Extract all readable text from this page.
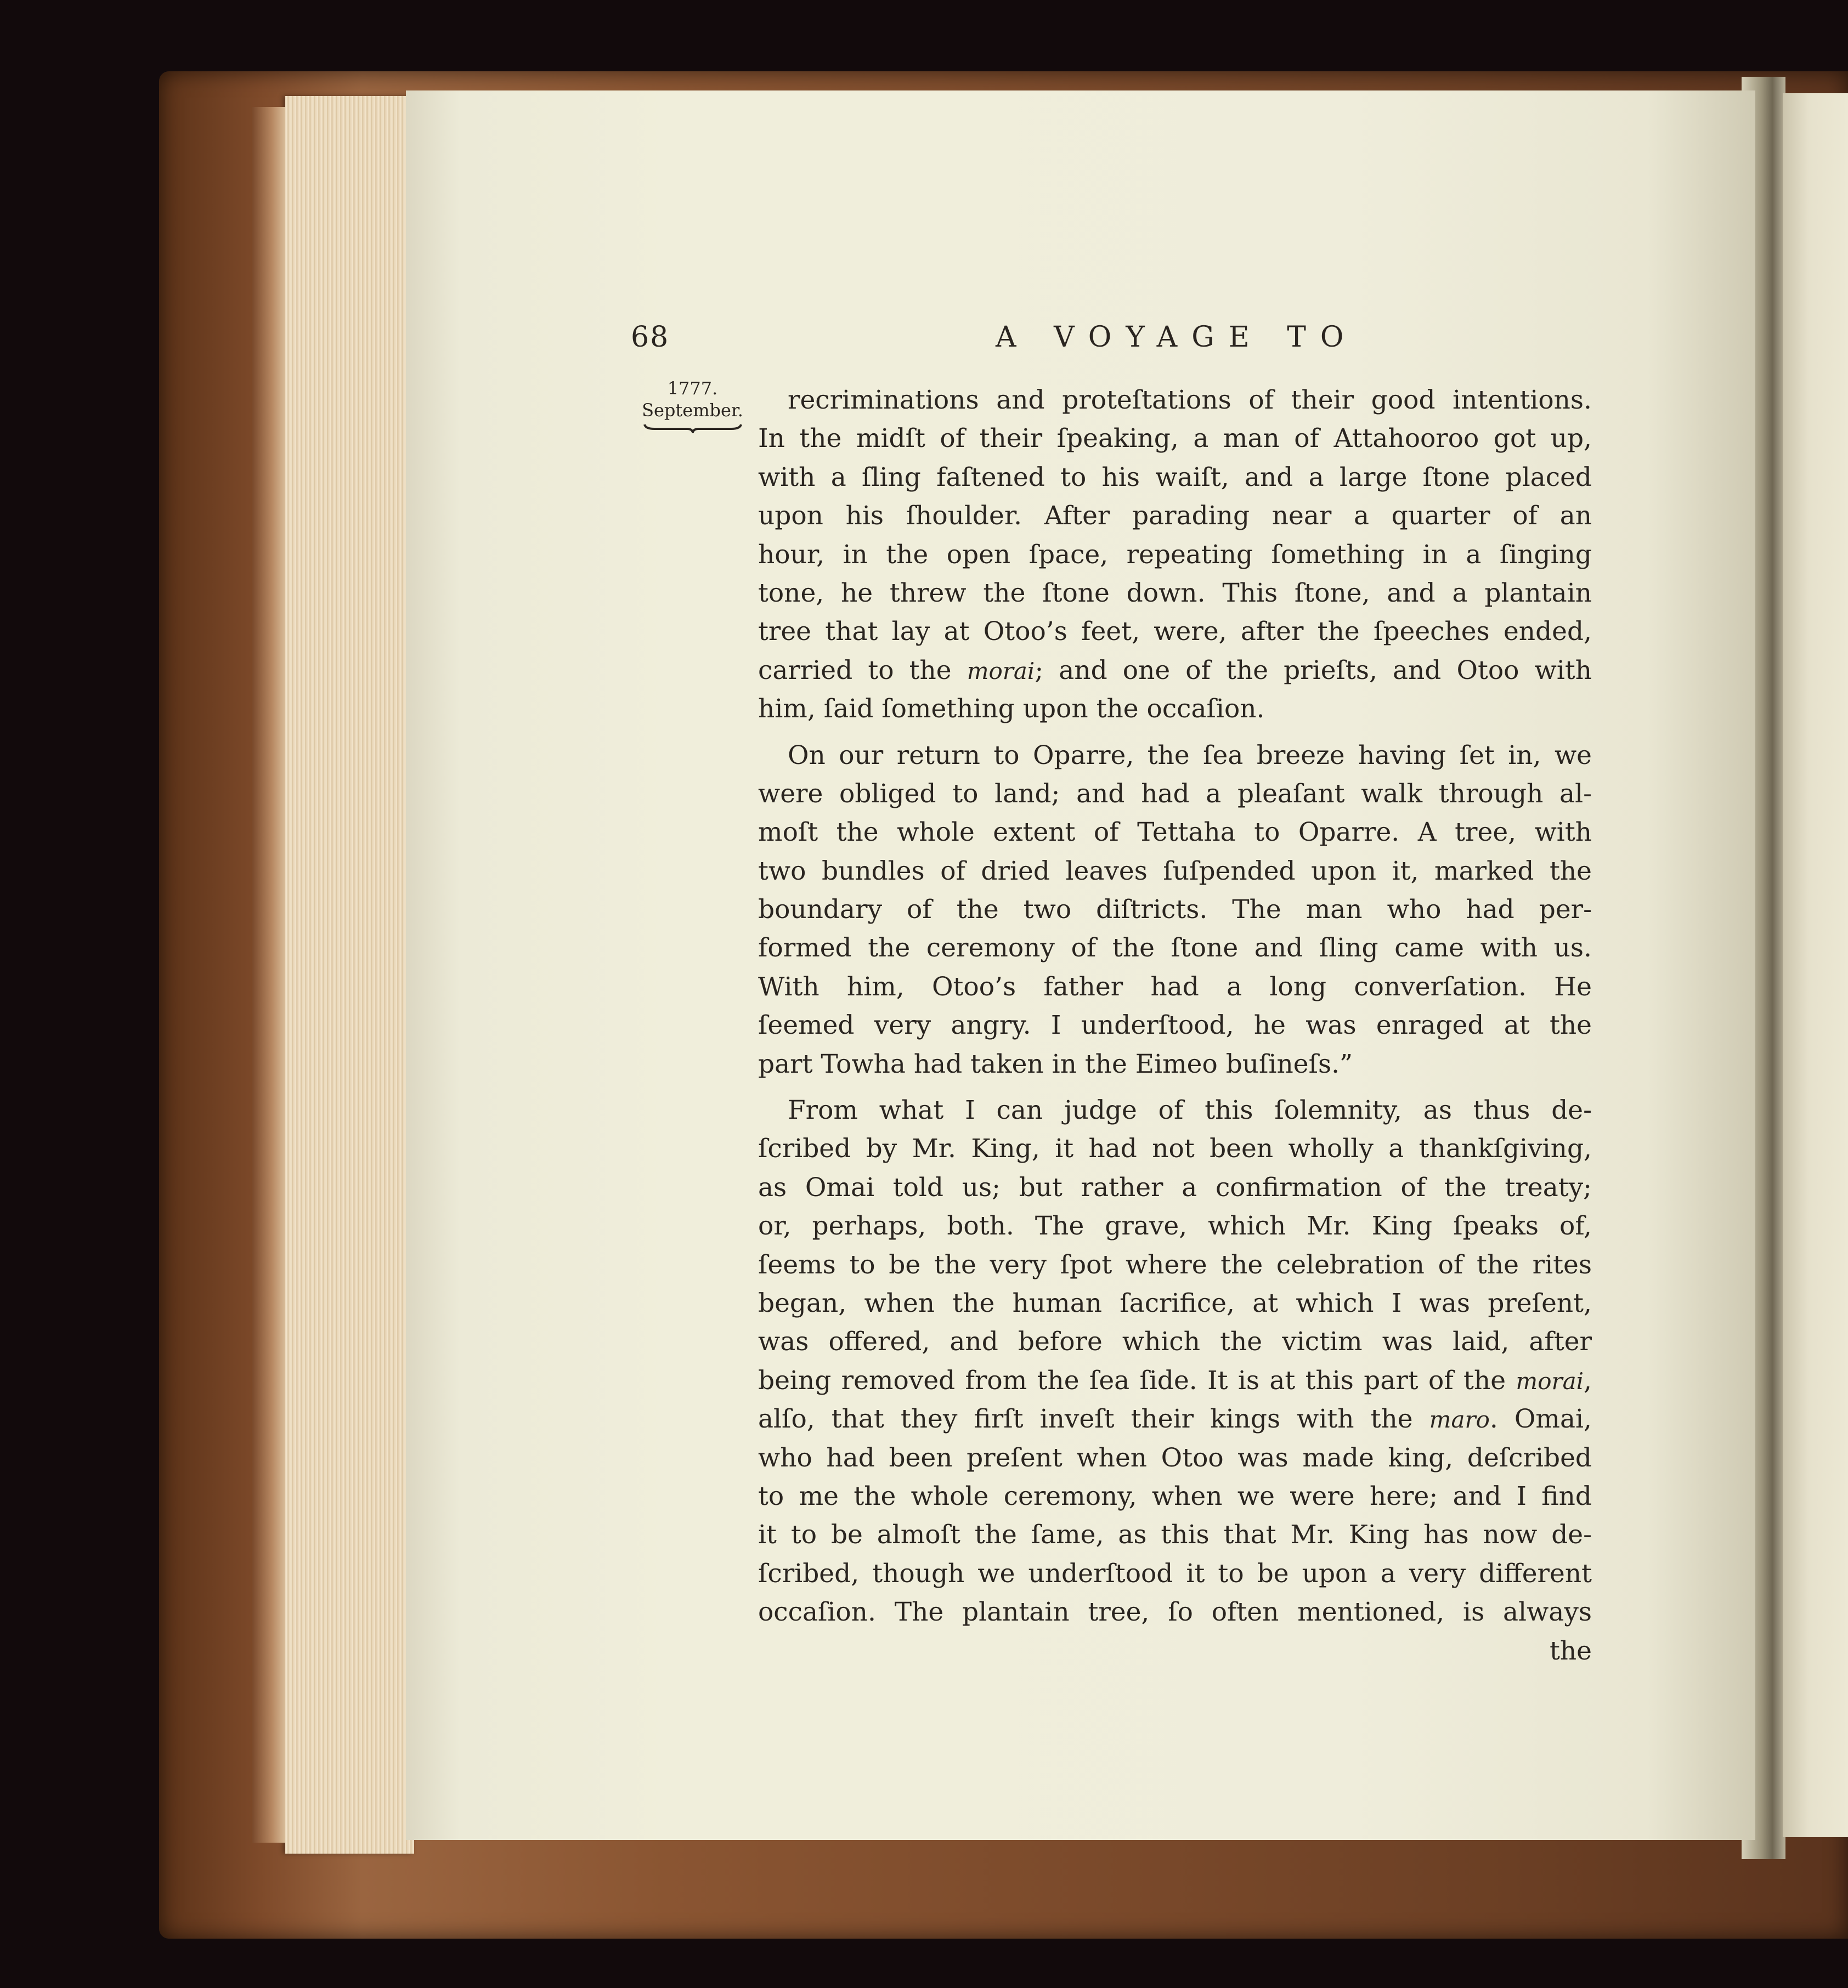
68	A VOYAGE TO
1777.
September.	recriminations and proteſtations of their good intentions.
In the midſt of their ſpeaking, a man of Attahooroo got up,
with a ſling faſtened to his waiſt, and a large ſtone placed
upon his ſhoulder. After parading near a quarter of an
hour, in the open ſpace, repeating ſomething in a ſinging
tone, he threw the ſtone down. This ſtone, and a plantain
tree that lay at Otoo’s feet, were, after the ſpeeches ended,
carried to the morai; and one of the prieſts, and Otoo with
him, ſaid ſomething upon the occaſion.
On our return to Oparre, the ſea breeze having ſet in, we
were obliged to land; and had a pleaſant walk through al-
moſt the whole extent of Tettaha to Oparre. A tree, with
two bundles of dried leaves ſuſpended upon it, marked the
boundary of the two diſtricts. The man who had per-
formed the ceremony of the ſtone and ſling came with us.
With him, Otoo’s father had a long converſation. He
ſeemed very angry. I underſtood, he was enraged at the
part Towha had taken in the Eimeo buſineſs.”
From what I can judge of this ſolemnity, as thus de-
ſcribed by Mr. King, it had not been wholly a thankſgiving,
as Omai told us; but rather a confirmation of the treaty;
or, perhaps, both. The grave, which Mr. King ſpeaks of,
ſeems to be the very ſpot where the celebration of the rites
began, when the human ſacrifice, at which I was preſent,
was offered, and before which the victim was laid, after
being removed from the ſea ſide. It is at this part of the morai,
alſo, that they firſt inveſt their kings with the maro. Omai,
who had been preſent when Otoo was made king, deſcribed
to me the whole ceremony, when we were here; and I find
it to be almoſt the ſame, as this that Mr. King has now de-
ſcribed, though we underſtood it to be upon a very different
occaſion. The plantain tree, ſo often mentioned, is always
the
